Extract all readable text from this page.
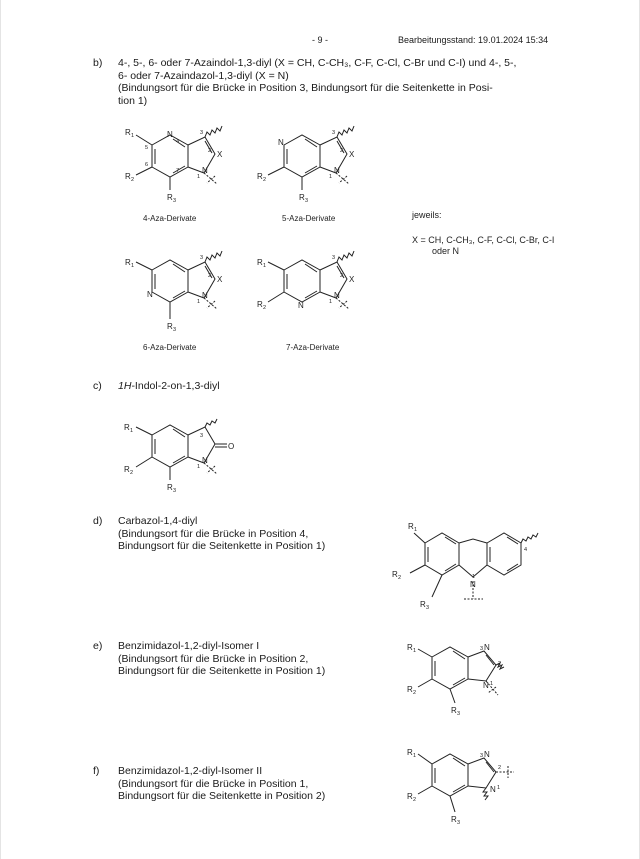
- 9 -	Bearbeitungsstand: 19.01.2024 15:34
b) 4-, 5-, 6- oder 7-Azaindol-1,3-diyl (X = CH, C-CH₃, C-F, C-Cl, C-Br und C-I) und 4-, 5-,
6- oder 7-Azaindazol-1,3-diyl (X = N)
(Bindungsort für die Brücke in Position 3, Bindungsort für die Seitenkette in Posi-
tion 1)
R 1
R 2
R 3
N
4
5
6
7
3
2 X
N
1
N
R 2
R 3
3
2 X
N
1
4-Aza-Derivate	5-Aza-Derivate	jeweils:
X = CH, C-CH₃, C-F, C-Cl, C-Br, C-I
oder N
R 1
N
R 3
3
2 X
N
1
R 1
R 2	N
3
2 X
N
1
6-Aza-Derivate	7-Aza-Derivate
c) 1H-Indol-2-on-1,3-diyl
R 1
R 2
R 3
3
O
N
1
d) Carbazol-1,4-diyl
(Bindungsort für die Brücke in Position 4,
Bindungsort für die Seitenkette in Position 1)
R 1
R 2
R 3
N
1
4
e) Benzimidazol-1,2-diyl-Isomer I
(Bindungsort für die Brücke in Position 2,
Bindungsort für die Seitenkette in Position 1)
R 1
R 2
R 3
3 N
2
N 1
f) Benzimidazol-1,2-diyl-Isomer II
(Bindungsort für die Brücke in Position 1,
Bindungsort für die Seitenkette in Position 2)
R 1
R 2
R 3
3 N
2
N 1
